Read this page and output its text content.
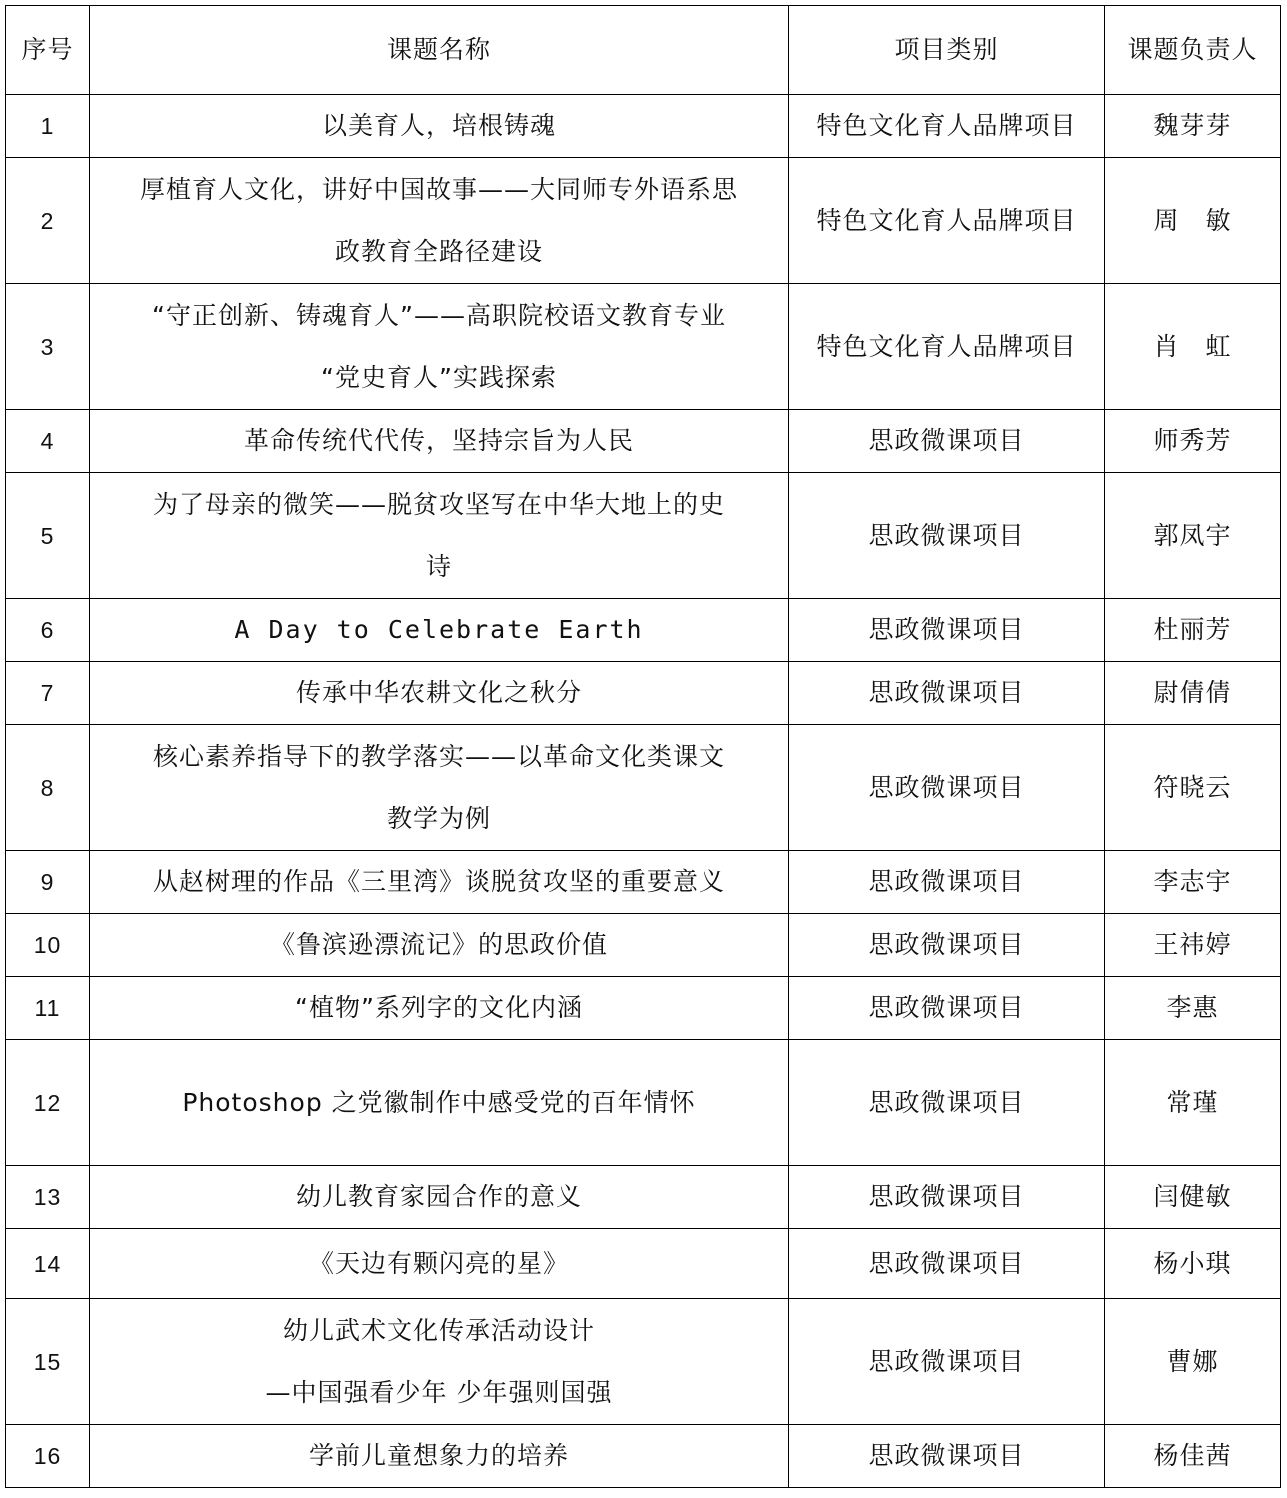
序号	课题名称	项目类别	课题负责人
1	以美育人，培根铸魂	特色文化育人品牌项目	魏芽芽
2	厚植育人文化，讲好中国故事——大同师专外语系思
政教育全路径建设	特色文化育人品牌项目	周　敏
3	“守正创新、铸魂育人”——高职院校语文教育专业
“党史育人”实践探索	特色文化育人品牌项目	肖　虹
4	革命传统代代传，坚持宗旨为人民	思政微课项目	师秀芳
5	为了母亲的微笑——脱贫攻坚写在中华大地上的史
诗	思政微课项目	郭凤宇
6	A Day to Celebrate Earth	思政微课项目	杜丽芳
7	传承中华农耕文化之秋分	思政微课项目	尉倩倩
8	核心素养指导下的教学落实——以革命文化类课文
教学为例	思政微课项目	符晓云
9	从赵树理的作品《三里湾》谈脱贫攻坚的重要意义	思政微课项目	李志宇
10	《鲁滨逊漂流记》的思政价值	思政微课项目	王祎婷
11	“植物”系列字的文化内涵	思政微课项目	李惠
12	Photoshop 之党徽制作中感受党的百年情怀	思政微课项目	常瑾
13	幼儿教育家园合作的意义	思政微课项目	闫健敏
14	《天边有颗闪亮的星》	思政微课项目	杨小琪
15	幼儿武术文化传承活动设计
—中国强看少年 少年强则国强	思政微课项目	曹娜
16	学前儿童想象力的培养	思政微课项目	杨佳茜
